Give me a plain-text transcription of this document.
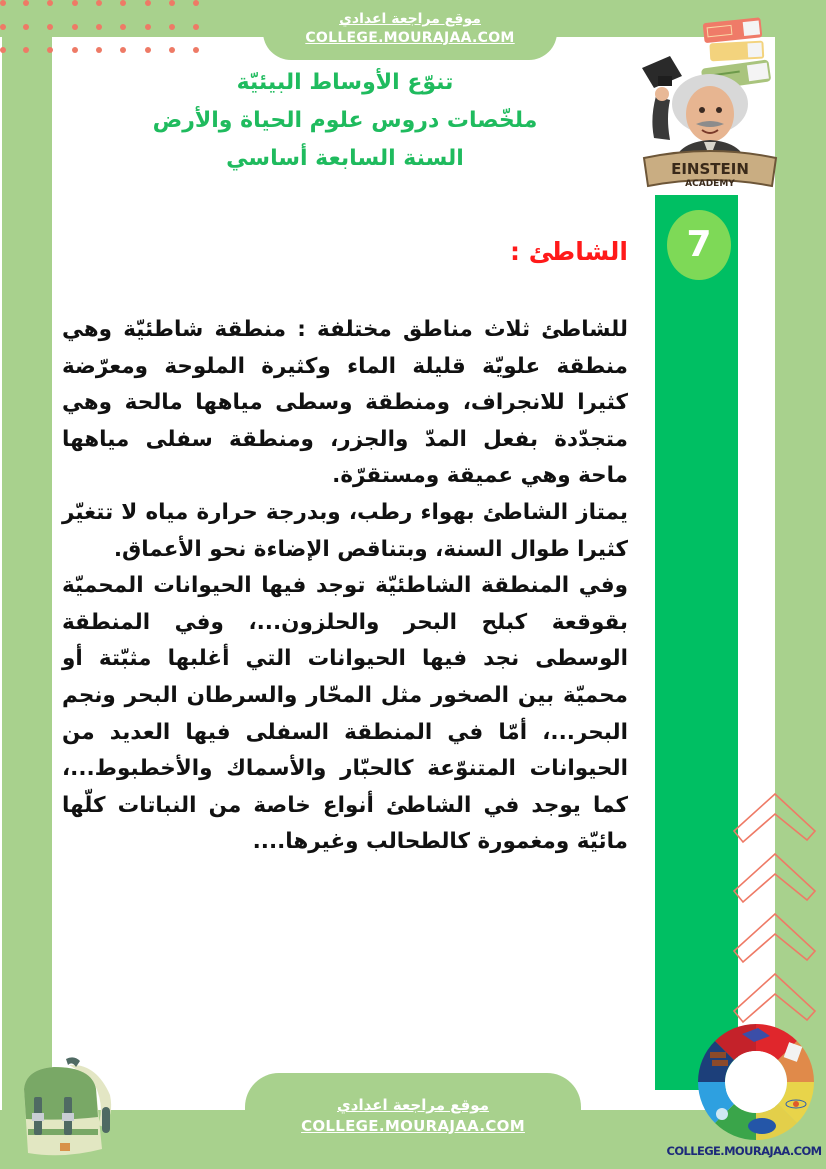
موقع مراجعة اعدادي
COLLEGE.MOURAJAA.COM
تنوّع الأوساط البيئيّة
ملخّصات دروس علوم الحياة والأرض
السنة السابعة أساسي	EINSTEIN
ACADEMY
7
الشاطئ :

للشاطئ ثلاث مناطق مختلفة : منطقة شاطئيّة وهي منطقة علويّة قليلة الماء وكثيرة الملوحة ومعرّضة كثيرا للانجراف، ومنطقة وسطى مياهها مالحة وهي متجدّدة بفعل المدّ والجزر، ومنطقة سفلى مياهها ماحة وهي عميقة ومستقرّة.

يمتاز الشاطئ بهواء رطب، وبدرجة حرارة مياه لا تتغيّر كثيرا طوال السنة، وبتناقص الإضاءة نحو الأعماق.

وفي المنطقة الشاطئيّة توجد فيها الحيوانات المحميّة بقوقعة كبلح البحر والحلزون...، وفي المنطقة الوسطى نجد فيها الحيوانات التي أغلبها مثبّتة أو محميّة بين الصخور مثل المحّار والسرطان البحر ونجم البحر...، أمّا في المنطقة السفلى فيها العديد من الحيوانات المتنوّعة كالحبّار والأسماك والأخطبوط...، كما يوجد في الشاطئ أنواع خاصة من النباتات كلّها مائيّة ومغمورة كالطحالب وغيرها....

موقع مراجعة اعدادي
COLLEGE.MOURAJAA.COM
COLLEGE.MOURAJAA.COM
